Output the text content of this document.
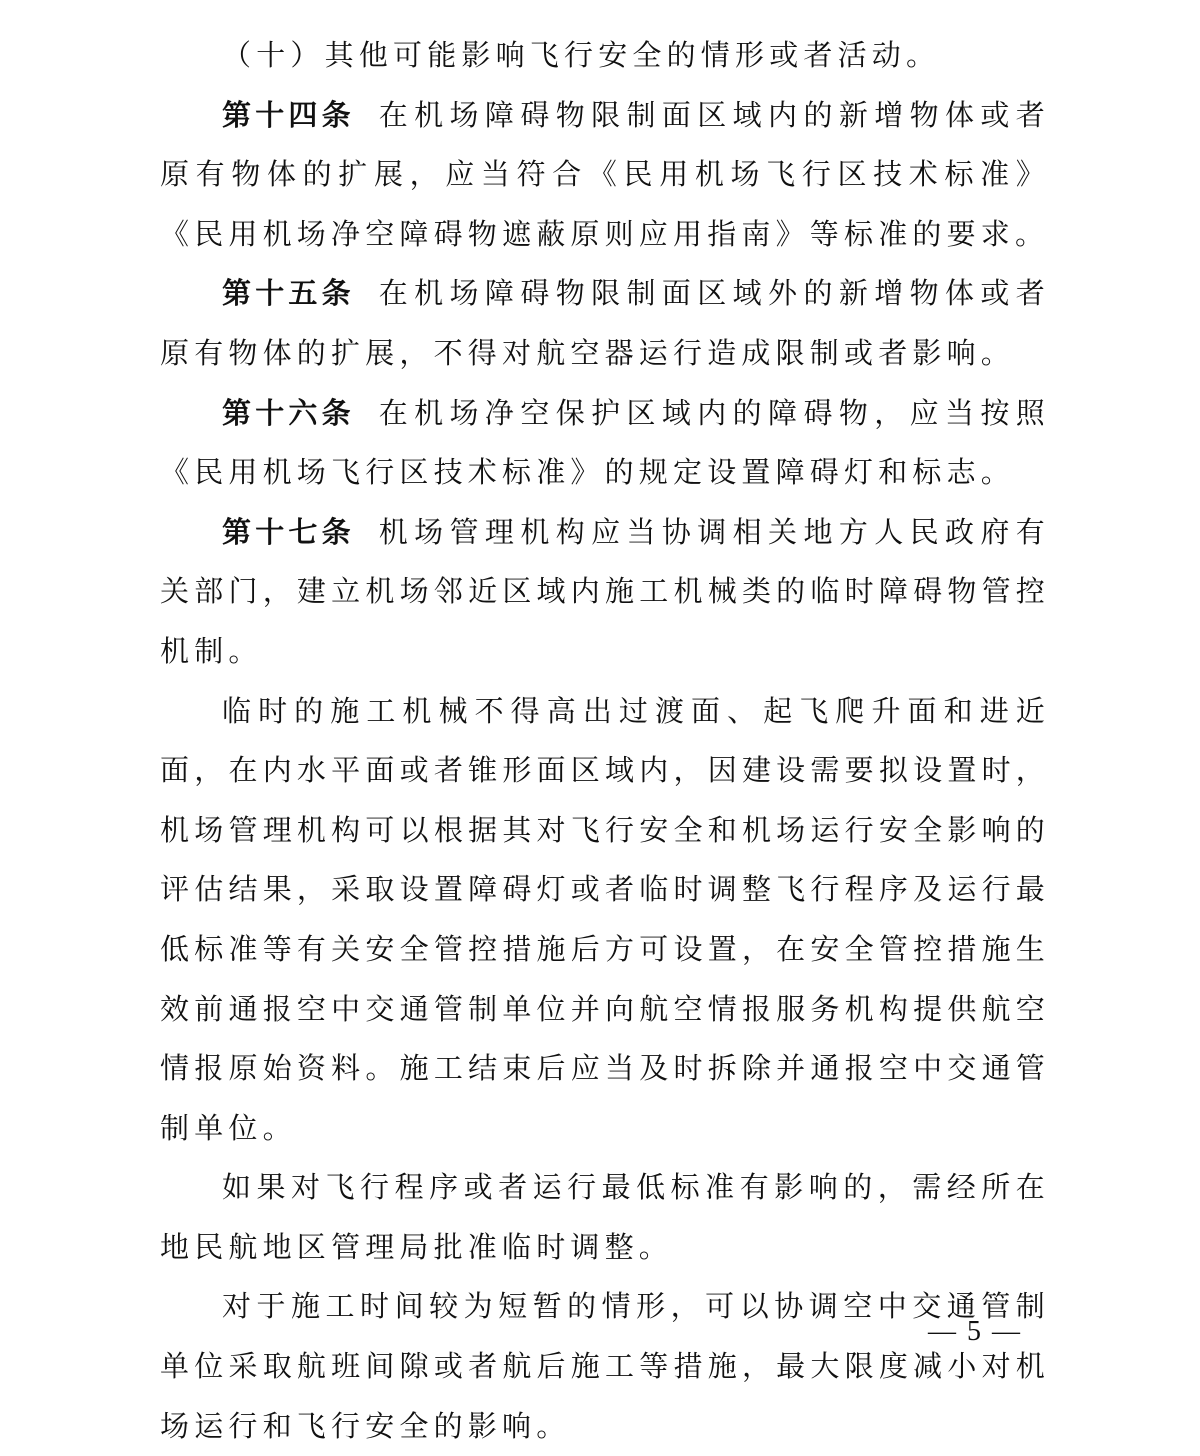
（十）其他可能影响飞行安全的情形或者活动。

第十四条 在机场障碍物限制面区域内的新增物体或者原有物体的扩展，应当符合《民用机场飞行区技术标准》《民用机场净空障碍物遮蔽原则应用指南》等标准的要求。

第十五条 在机场障碍物限制面区域外的新增物体或者原有物体的扩展，不得对航空器运行造成限制或者影响。

第十六条 在机场净空保护区域内的障碍物，应当按照《民用机场飞行区技术标准》的规定设置障碍灯和标志。

第十七条 机场管理机构应当协调相关地方人民政府有关部门，建立机场邻近区域内施工机械类的临时障碍物管控机制。

临时的施工机械不得高出过渡面、起飞爬升面和进近面，在内水平面或者锥形面区域内，因建设需要拟设置时，机场管理机构可以根据其对飞行安全和机场运行安全影响的评估结果，采取设置障碍灯或者临时调整飞行程序及运行最低标准等有关安全管控措施后方可设置，在安全管控措施生效前通报空中交通管制单位并向航空情报服务机构提供航空情报原始资料。施工结束后应当及时拆除并通报空中交通管制单位。

如果对飞行程序或者运行最低标准有影响的，需经所在地民航地区管理局批准临时调整。

对于施工时间较为短暂的情形，可以协调空中交通管制单位采取航班间隙或者航后施工等措施，最大限度减小对机场运行和飞行安全的影响。

— 5 —
